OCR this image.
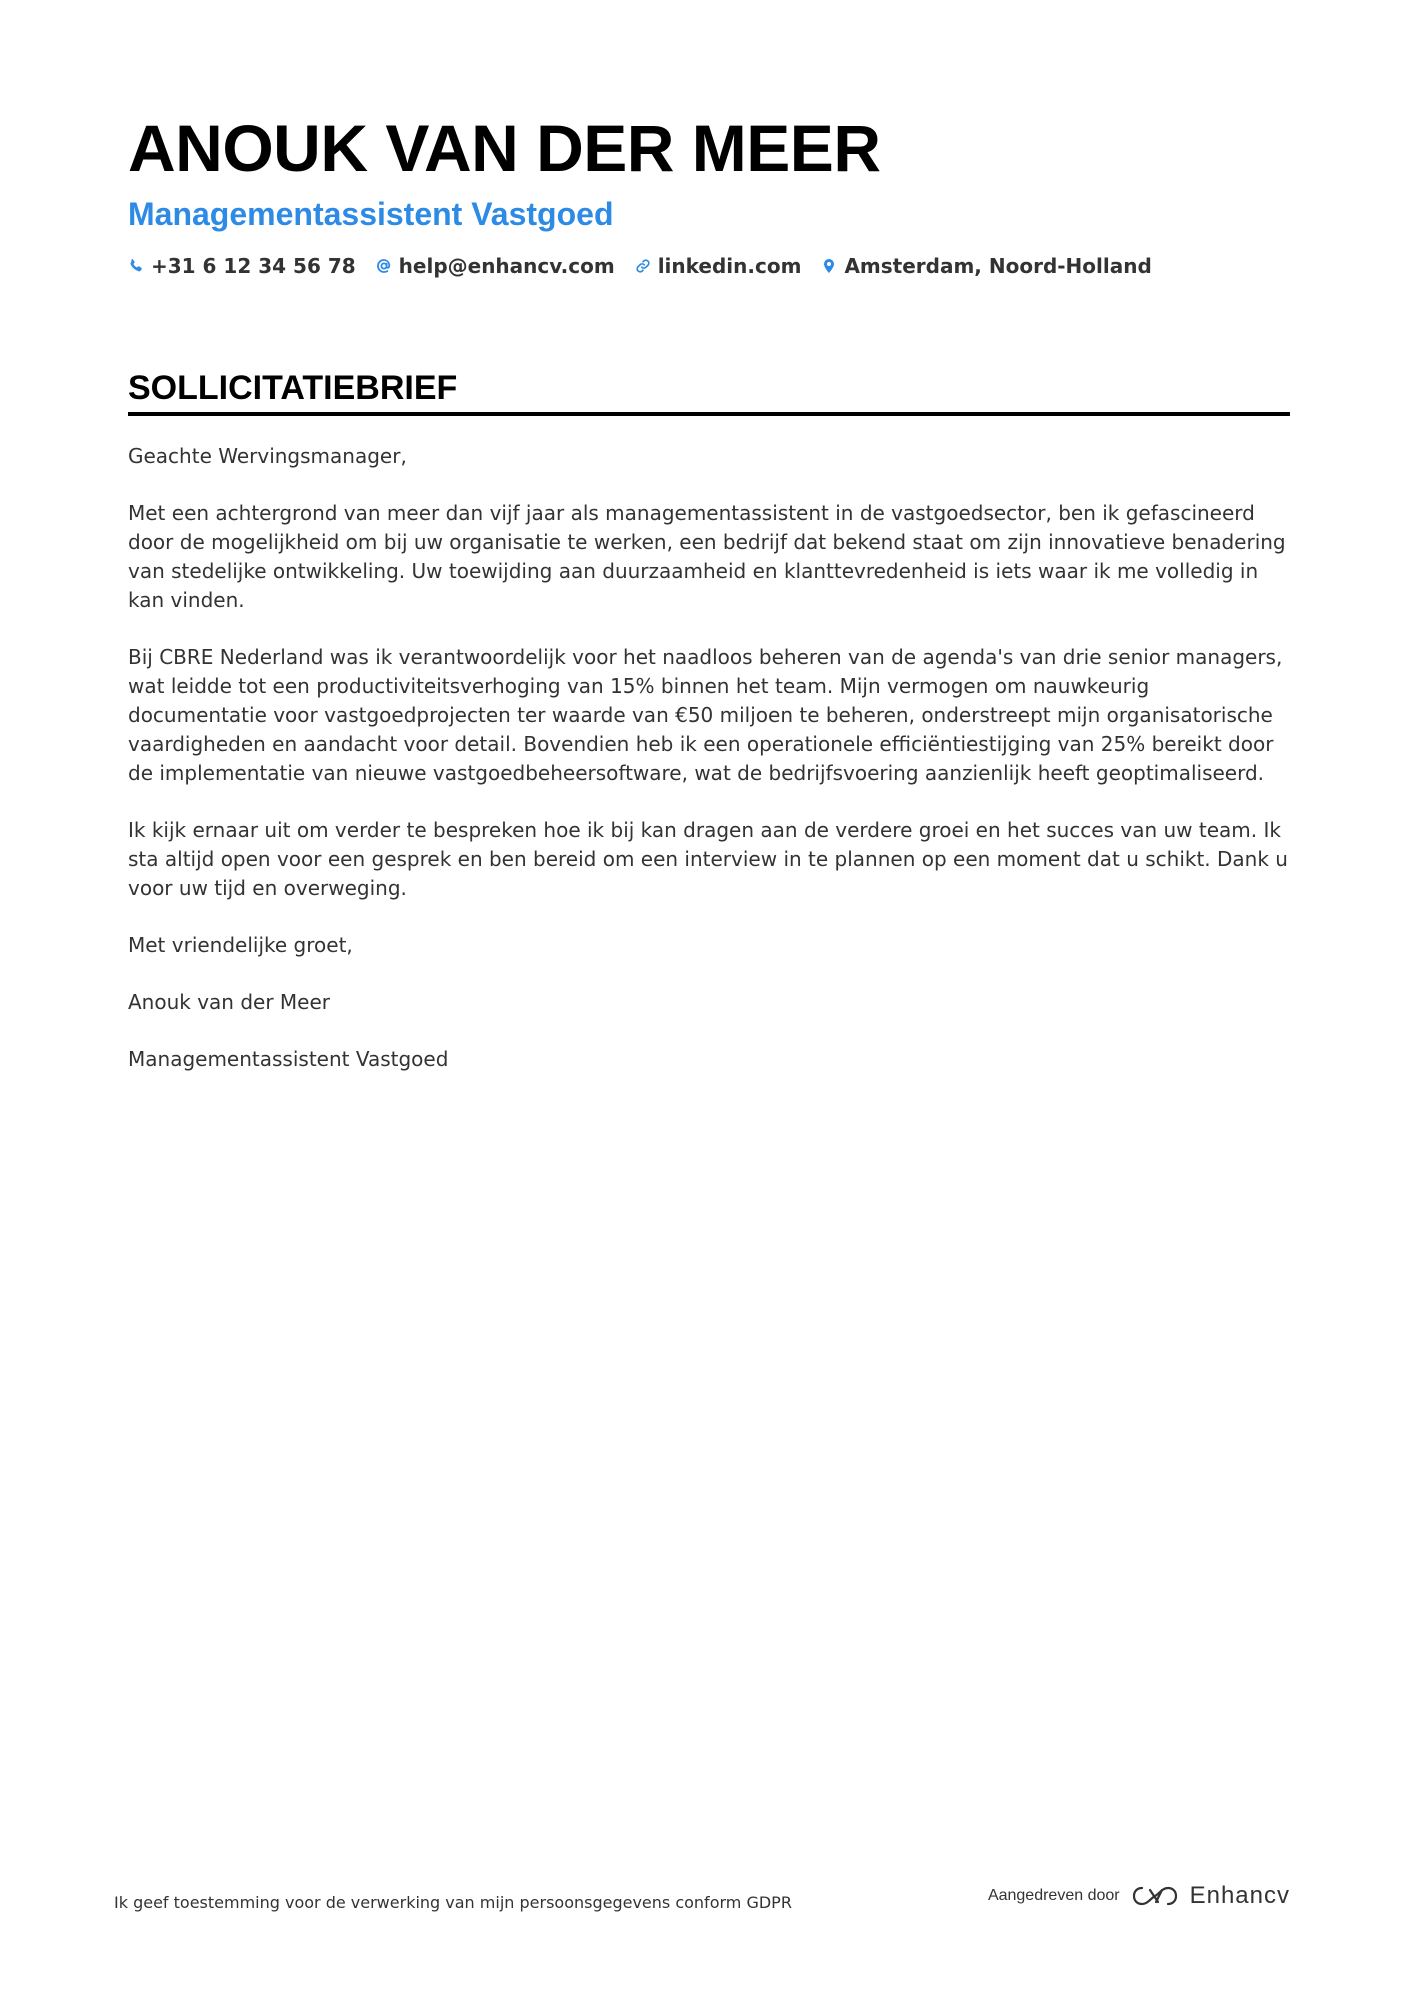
ANOUK VAN DER MEER
Managementassistent Vastgoed
+31 6 12 34 56 78 help@enhancv.com linkedin.com Amsterdam, Noord-Holland
SOLLICITATIEBRIEF

Geachte Wervingsmanager,

Met een achtergrond van meer dan vijf jaar als managementassistent in de vastgoedsector, ben ik gefascineerd door de mogelijkheid om bij uw organisatie te werken, een bedrijf dat bekend staat om zijn innovatieve benadering van stedelijke ontwikkeling. Uw toewijding aan duurzaamheid en klanttevredenheid is iets waar ik me volledig in kan vinden.

Bij CBRE Nederland was ik verantwoordelijk voor het naadloos beheren van de agenda's van drie senior managers, wat leidde tot een productiviteitsverhoging van 15% binnen het team. Mijn vermogen om nauwkeurig documentatie voor vastgoedprojecten ter waarde van €50 miljoen te beheren, onderstreept mijn organisatorische vaardigheden en aandacht voor detail. Bovendien heb ik een operationele efficiëntiestijging van 25% bereikt door de implementatie van nieuwe vastgoedbeheersoftware, wat de bedrijfsvoering aanzienlijk heeft geoptimaliseerd.

Ik kijk ernaar uit om verder te bespreken hoe ik bij kan dragen aan de verdere groei en het succes van uw team. Ik sta altijd open voor een gesprek en ben bereid om een interview in te plannen op een moment dat u schikt. Dank u voor uw tijd en overweging.

Met vriendelijke groet,

Anouk van der Meer

Managementassistent Vastgoed

Ik geef toestemming voor de verwerking van mijn persoonsgegevens conform GDPR	Aangedreven door	Enhancv
